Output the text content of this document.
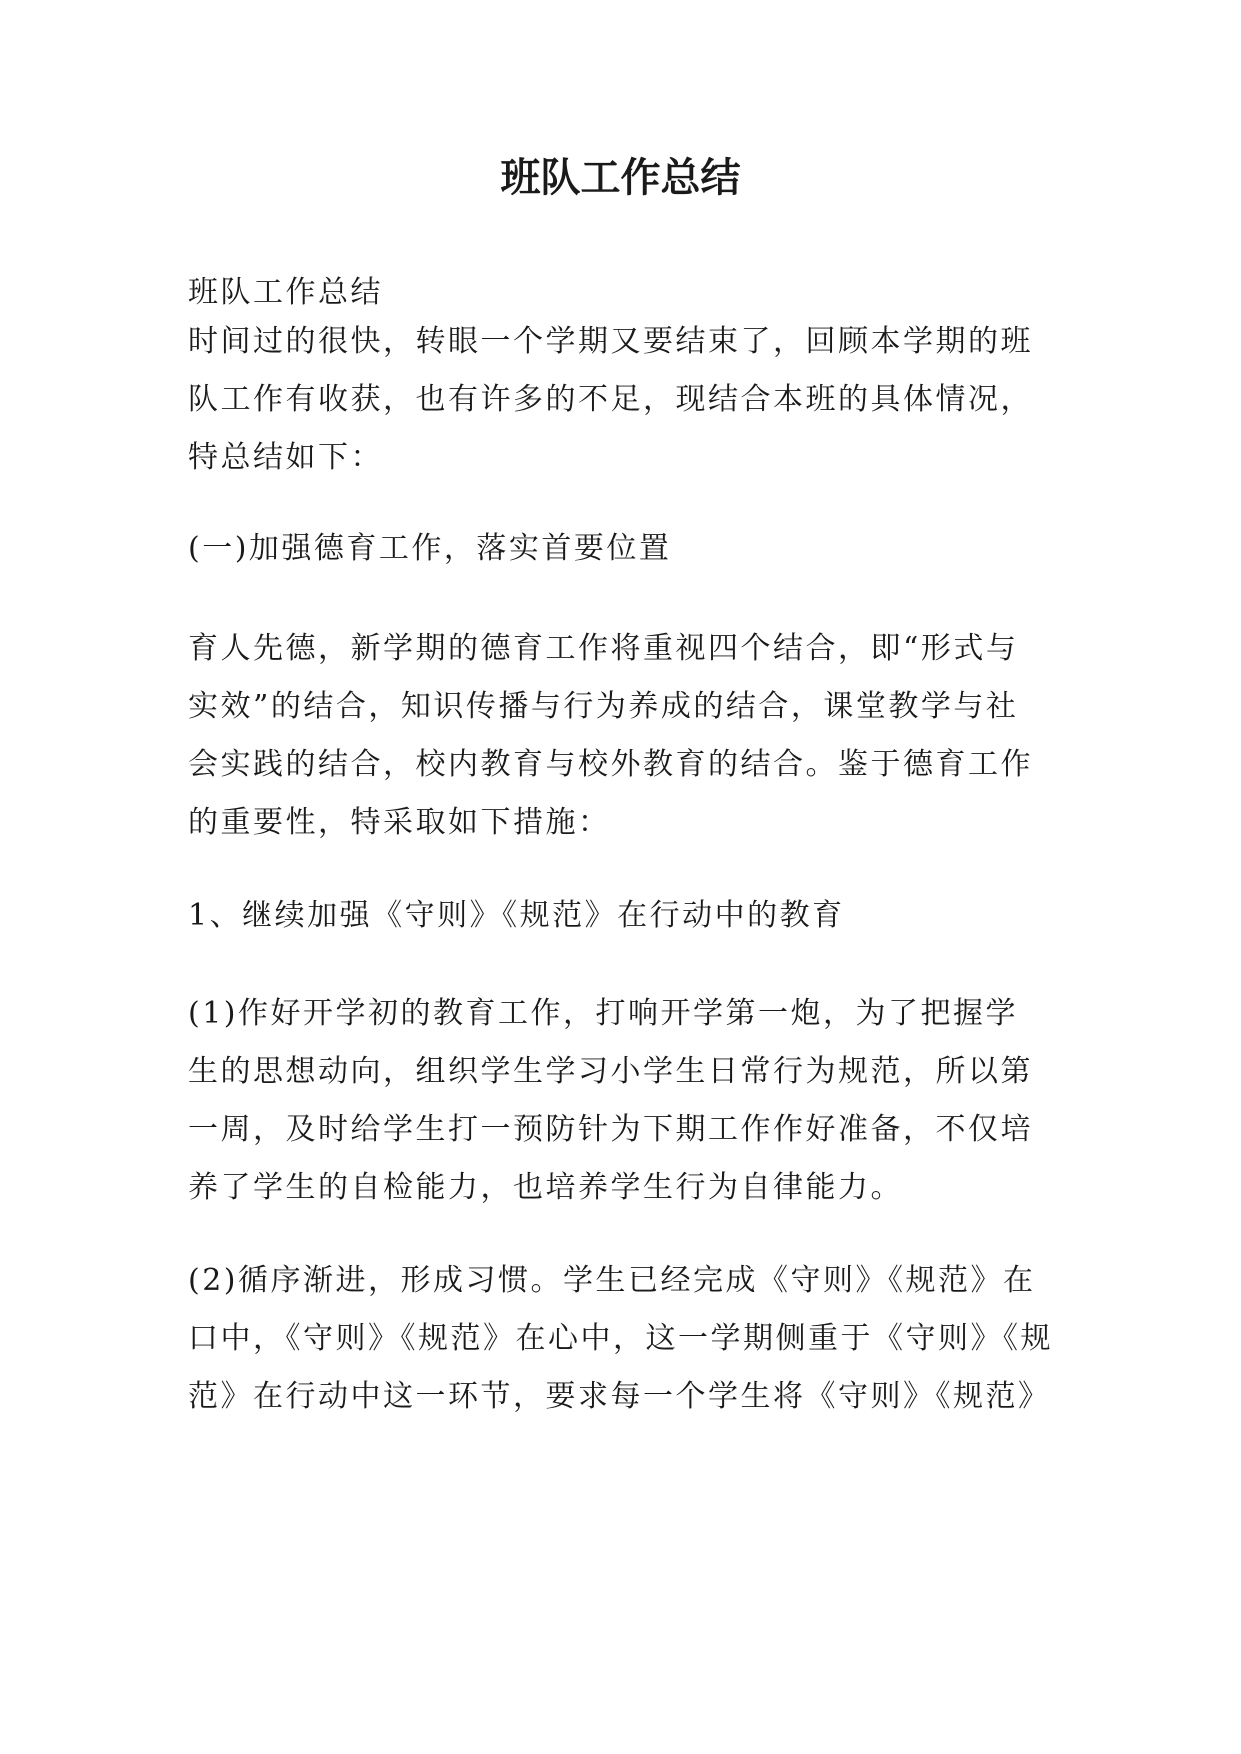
班队工作总结

班队工作总结

时间过的很快，转眼一个学期又要结束了，回顾本学期的班
队工作有收获，也有许多的不足，现结合本班的具体情况，
特总结如下：

(一)加强德育工作，落实首要位置

育人先德，新学期的德育工作将重视四个结合，即“形式与
实效”的结合，知识传播与行为养成的结合，课堂教学与社
会实践的结合，校内教育与校外教育的结合。鉴于德育工作
的重要性，特采取如下措施：

1、继续加强《守则》《规范》在行动中的教育

(1)作好开学初的教育工作，打响开学第一炮，为了把握学
生的思想动向，组织学生学习小学生日常行为规范，所以第
一周，及时给学生打一预防针为下期工作作好准备，不仅培
养了学生的自检能力，也培养学生行为自律能力。

(2)循序渐进，形成习惯。学生已经完成《守则》《规范》在
口中，《守则》《规范》在心中，这一学期侧重于《守则》《规
范》在行动中这一环节，要求每一个学生将《守则》《规范》
